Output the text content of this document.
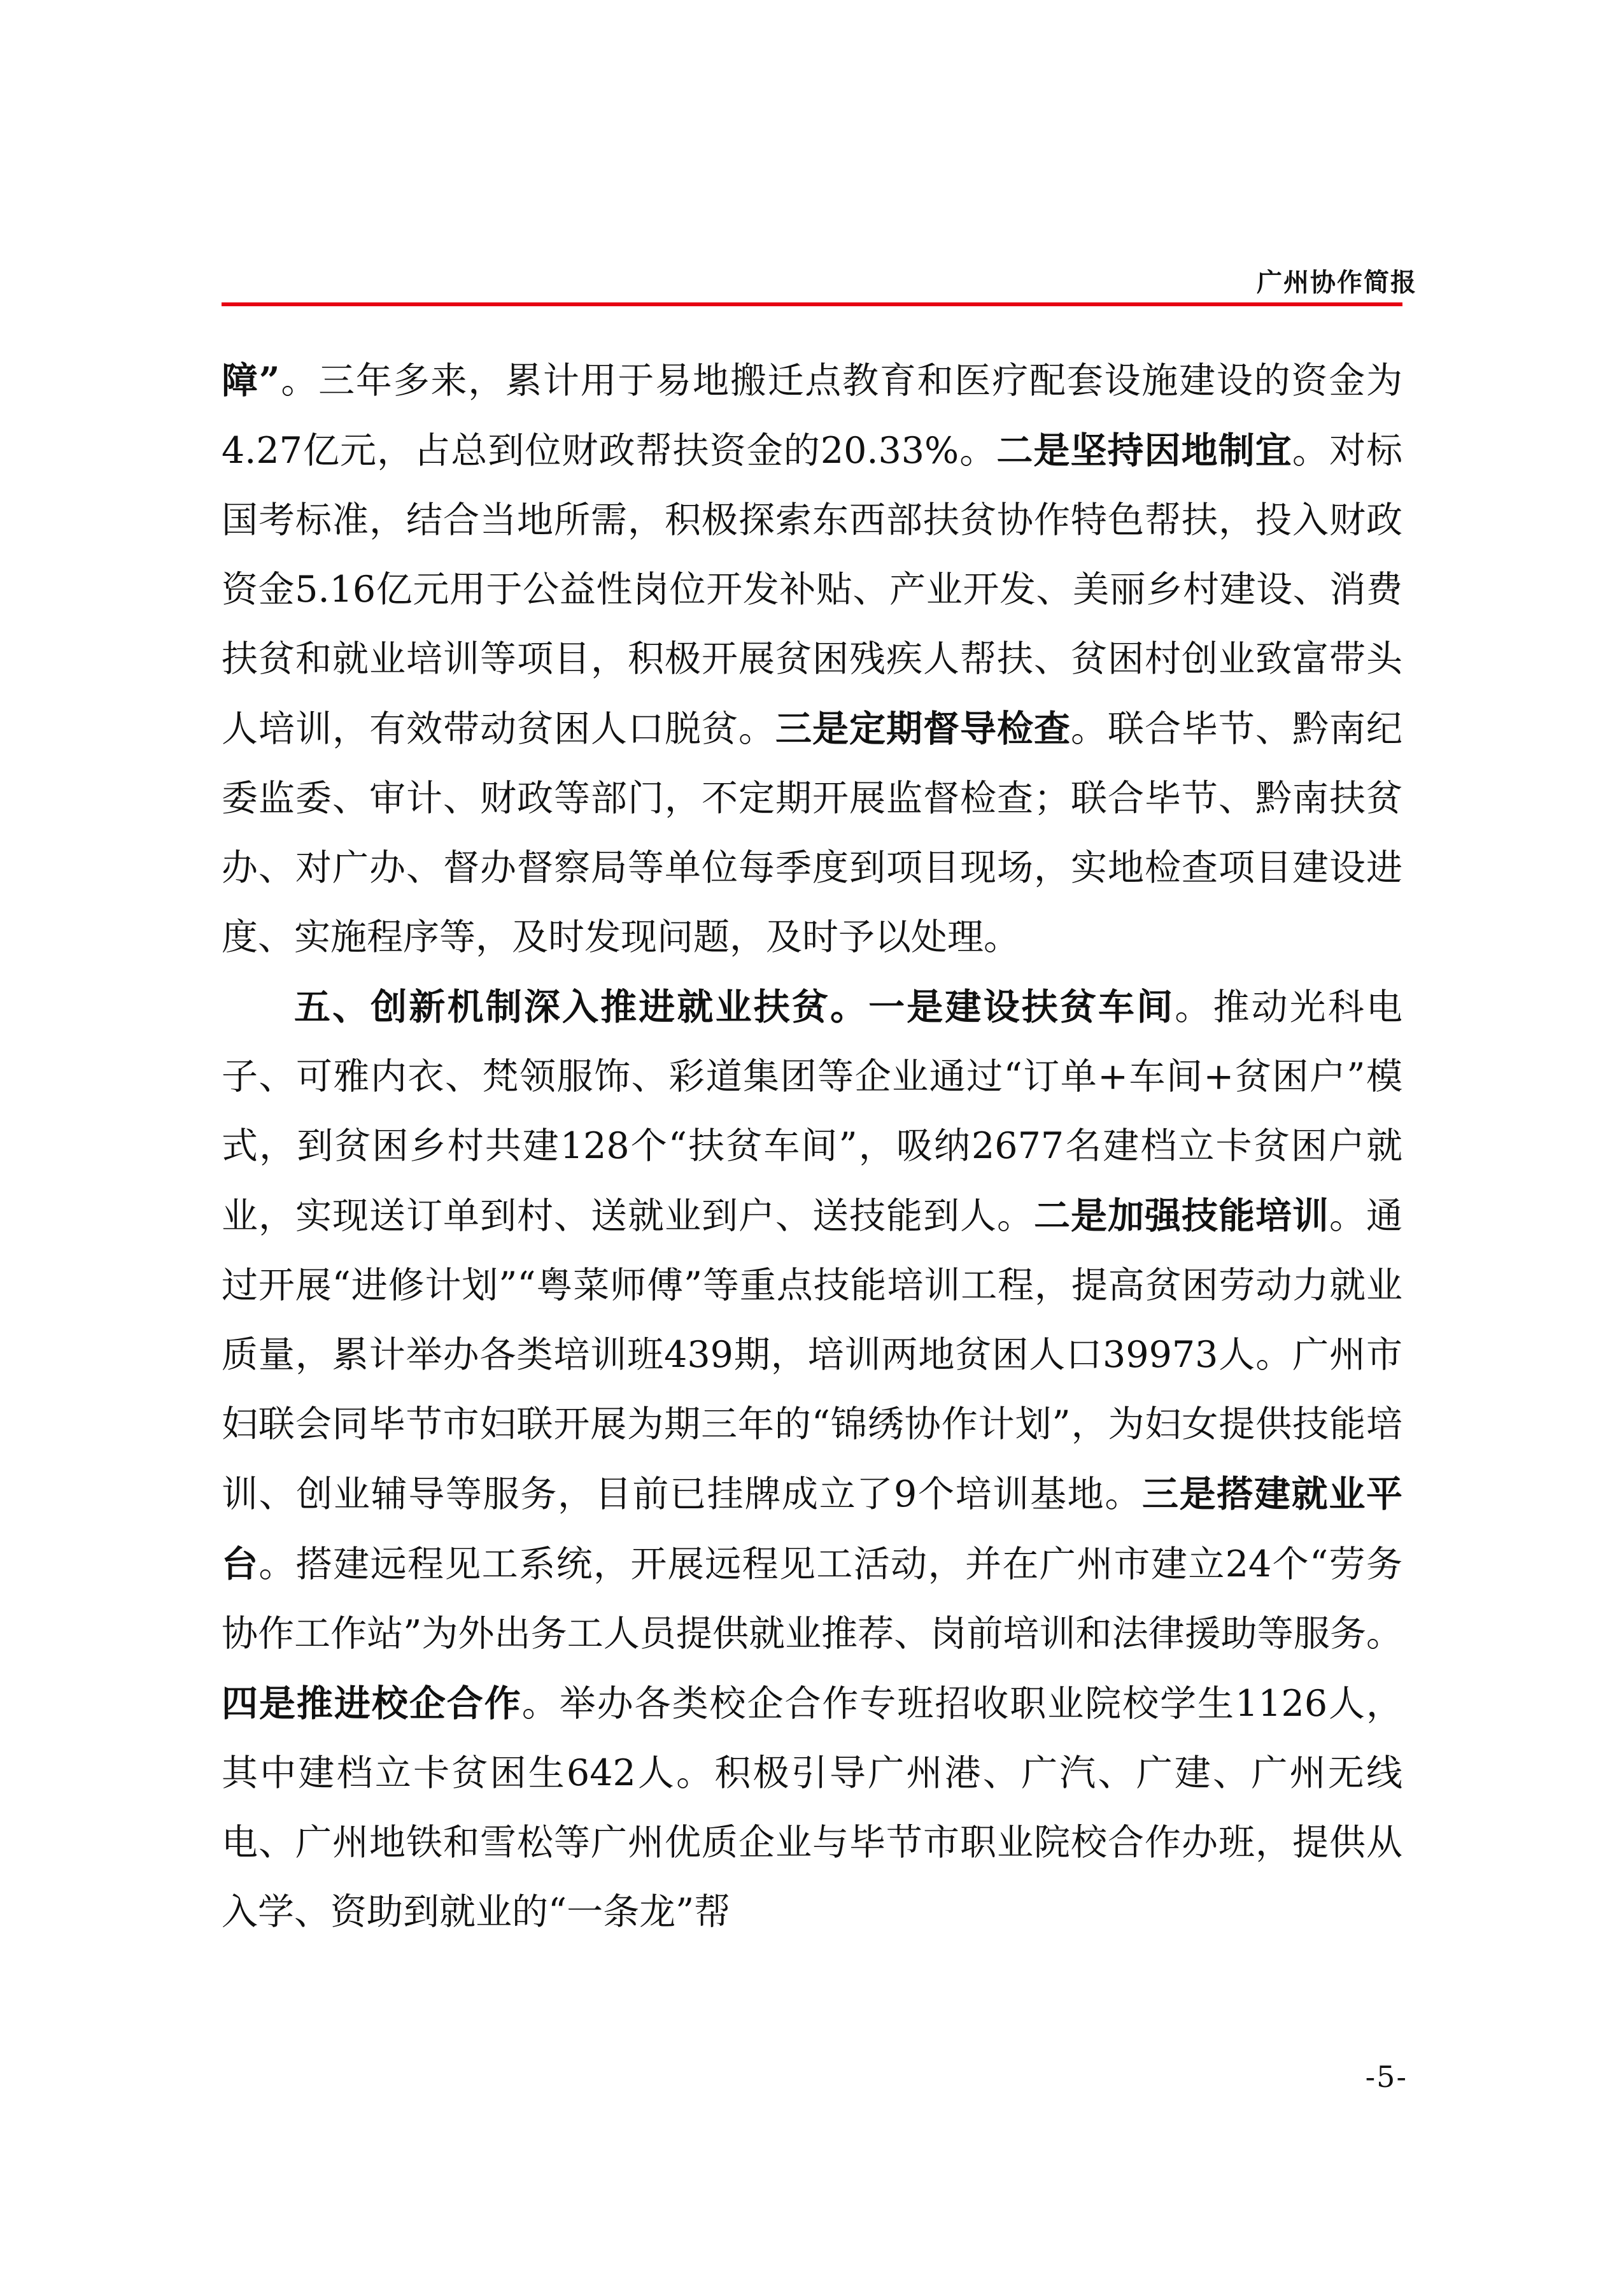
广州协作简报

障”。三年多来，累计用于易地搬迁点教育和医疗配套设施建设的资金为4.27亿元，占总到位财政帮扶资金的20.33%。二是坚持因地制宜。对标国考标准，结合当地所需，积极探索东西部扶贫协作特色帮扶，投入财政资金5.16亿元用于公益性岗位开发补贴、产业开发、美丽乡村建设、消费扶贫和就业培训等项目，积极开展贫困残疾人帮扶、贫困村创业致富带头人培训，有效带动贫困人口脱贫。三是定期督导检查。联合毕节、黔南纪委监委、审计、财政等部门，不定期开展监督检查；联合毕节、黔南扶贫办、对广办、督办督察局等单位每季度到项目现场，实地检查项目建设进度、实施程序等，及时发现问题，及时予以处理。

五、创新机制深入推进就业扶贫。一是建设扶贫车间。推动光科电子、可雅内衣、梵领服饰、彩道集团等企业通过“订单+车间+贫困户”模式，到贫困乡村共建128个“扶贫车间”，吸纳2677名建档立卡贫困户就业，实现送订单到村、送就业到户、送技能到人。二是加强技能培训。通过开展“进修计划”“粤菜师傅”等重点技能培训工程，提高贫困劳动力就业质量，累计举办各类培训班439期，培训两地贫困人口39973人。广州市妇联会同毕节市妇联开展为期三年的“锦绣协作计划”，为妇女提供技能培训、创业辅导等服务，目前已挂牌成立了9个培训基地。三是搭建就业平台。搭建远程见工系统，开展远程见工活动，并在广州市建立24个“劳务协作工作站”为外出务工人员提供就业推荐、岗前培训和法律援助等服务。四是推进校企合作。举办各类校企合作专班招收职业院校学生1126人，其中建档立卡贫困生642人。积极引导广州港、广汽、广建、广州无线电、广州地铁和雪松等广州优质企业与毕节市职业院校合作办班，提供从入学、资助到就业的“一条龙”帮

-5-
